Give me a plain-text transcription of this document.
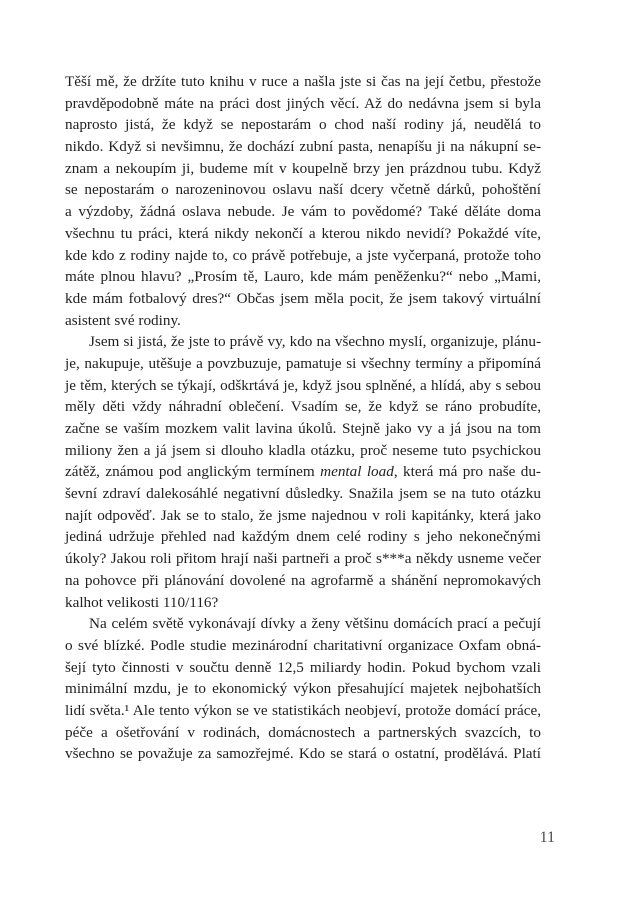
Těší mě, že držíte tuto knihu v ruce a našla jste si čas na její četbu, přestože
pravděpodobně máte na práci dost jiných věcí. Až do nedávna jsem si byla
naprosto jistá, že když se nepostarám o chod naší rodiny já, neudělá to
nikdo. Když si nevšimnu, že dochází zubní pasta, nenapíšu ji na nákupní se-
znam a nekoupím ji, budeme mít v koupelně brzy jen prázdnou tubu. Když
se nepostarám o narozeninovou oslavu naší dcery včetně dárků, pohoštění
a výzdoby, žádná oslava nebude. Je vám to povědomé? Také děláte doma
všechnu tu práci, která nikdy nekončí a kterou nikdo nevidí? Pokaždé víte,
kde kdo z rodiny najde to, co právě potřebuje, a jste vyčerpaná, protože toho
máte plnou hlavu? „Prosím tě, Lauro, kde mám peněženku?“ nebo „Mami,
kde mám fotbalový dres?“ Občas jsem měla pocit, že jsem takový virtuální
asistent své rodiny.
Jsem si jistá, že jste to právě vy, kdo na všechno myslí, organizuje, plánu-
je, nakupuje, utěšuje a povzbuzuje, pamatuje si všechny termíny a připomíná
je těm, kterých se týkají, odškrtává je, když jsou splněné, a hlídá, aby s sebou
měly děti vždy náhradní oblečení. Vsadím se, že když se ráno probudíte,
začne se vaším mozkem valit lavina úkolů. Stejně jako vy a já jsou na tom
miliony žen a já jsem si dlouho kladla otázku, proč neseme tuto psychickou
zátěž, známou pod anglickým termínem mental load, která má pro naše du-
ševní zdraví dalekosáhlé negativní důsledky. Snažila jsem se na tuto otázku
najít odpověď. Jak se to stalo, že jsme najednou v roli kapitánky, která jako
jediná udržuje přehled nad každým dnem celé rodiny s jeho nekonečnými
úkoly? Jakou roli přitom hrají naši partneři a proč s***a někdy usneme večer
na pohovce při plánování dovolené na agrofarmě a shánění nepromokavých
kalhot velikosti 110/116?
Na celém světě vykonávají dívky a ženy většinu domácích prací a pečují
o své blízké. Podle studie mezinárodní charitativní organizace Oxfam obná-
šejí tyto činnosti v součtu denně 12,5 miliardy hodin. Pokud bychom vzali
minimální mzdu, je to ekonomický výkon přesahující majetek nejbohatších
lidí světa.¹ Ale tento výkon se ve statistikách neobjeví, protože domácí práce,
péče a ošetřování v rodinách, domácnostech a partnerských svazcích, to
všechno se považuje za samozřejmé. Kdo se stará o ostatní, prodělává. Platí
11
